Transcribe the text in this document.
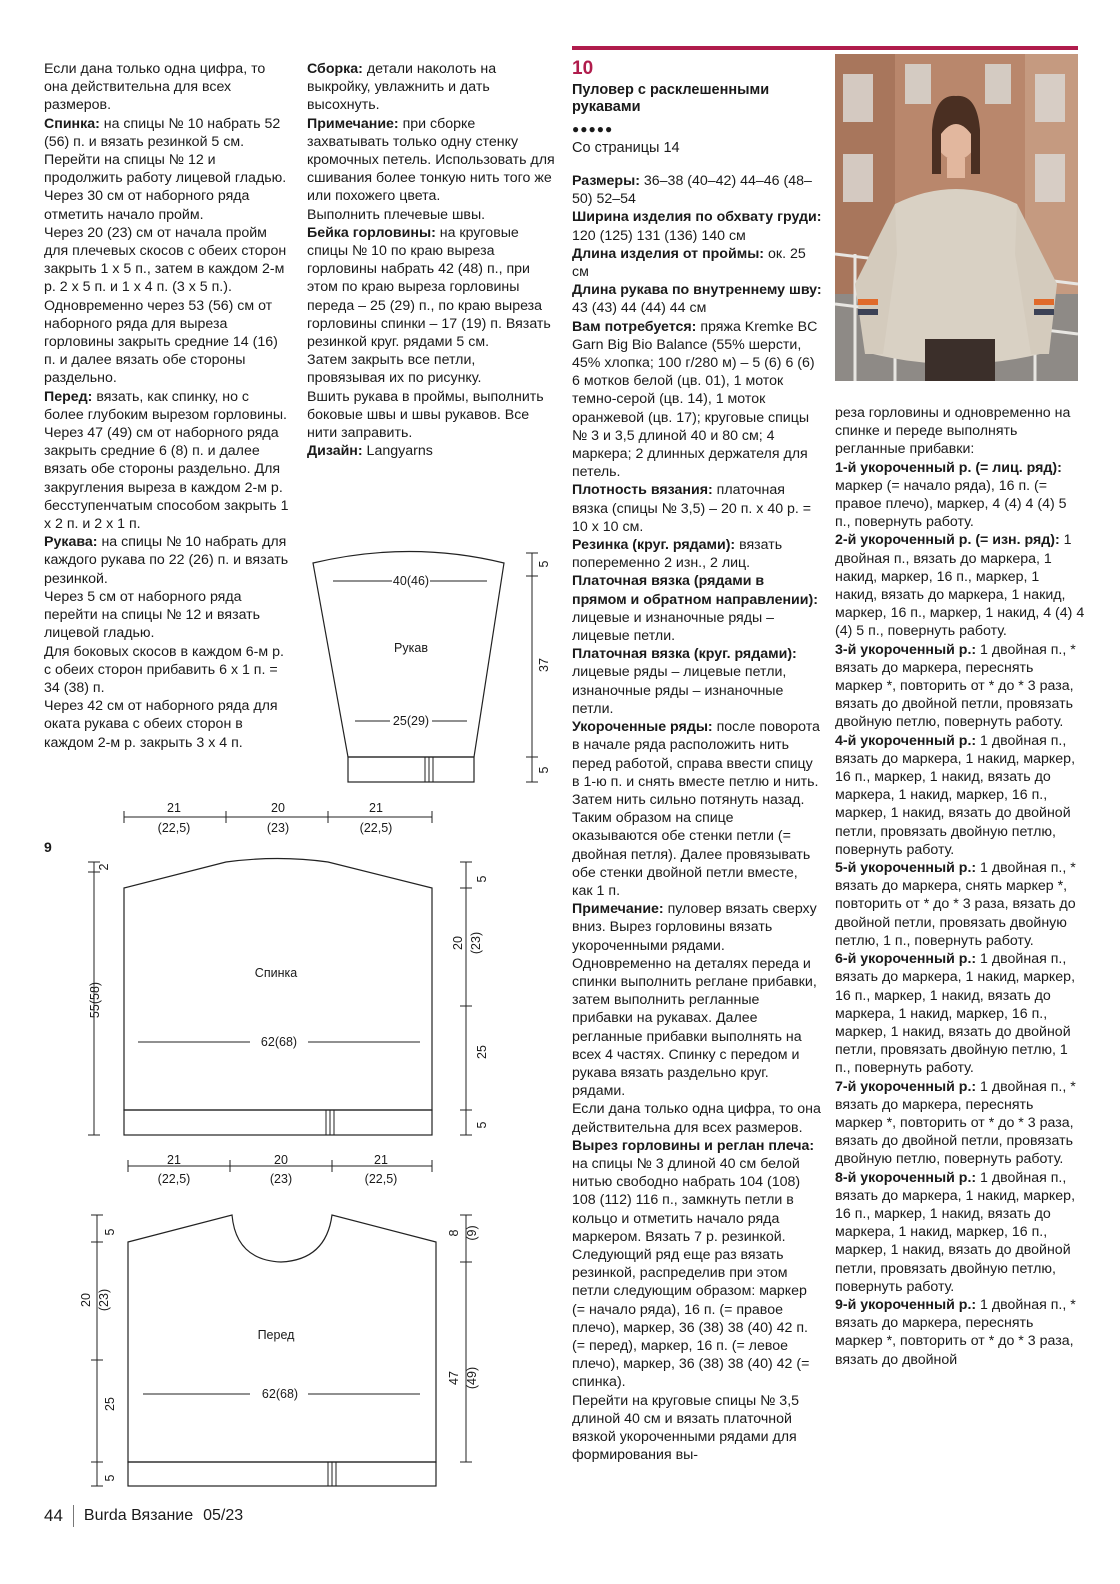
Если дана только одна цифра, то она действительна для всех размеров.

Спинка: на спицы № 10 набрать 52 (56) п. и вязать резинкой 5 см. Перейти на спицы № 12 и продолжить работу лицевой гладью.

Через 30 см от наборного ряда отметить начало пройм.

Через 20 (23) см от начала пройм для плечевых скосов с обеих сторон закрыть 1 х 5 п., затем в каждом 2-м р. 2 х 5 п. и 1 х 4 п. (3 х 5 п.).

Одновременно через 53 (56) см от наборного ряда для выреза горловины закрыть средние 14 (16) п. и далее вязать обе стороны раздельно.

Перед: вязать, как спинку, но с более глубоким вырезом горловины. Через 47 (49) см от наборного ряда закрыть средние 6 (8) п. и далее вязать обе стороны раздельно. Для закругления выреза в каждом 2-м р. бесступенчатым способом закрыть 1 х 2 п. и 2 х 1 п.

Рукава: на спицы № 10 набрать для каждого рукава по 22 (26) п. и вязать резинкой.

Через 5 см от наборного ряда перейти на спицы № 12 и вязать лицевой гладью.

Для боковых скосов в каждом 6-м р. с обеих сторон прибавить 6 х 1 п. = 34 (38) п.

Через 42 см от наборного ряда для оката рукава с обеих сторон в каждом 2-м р. закрыть 3 х 4 п.

Сборка: детали наколоть на выкройку, увлажнить и дать высохнуть.

Примечание: при сборке захватывать только одну стенку кромочных петель. Использовать для сшивания более тонкую нить того же или похожего цвета.

Выполнить плечевые швы.

Бейка горловины: на круговые спицы № 10 по краю выреза горловины набрать 42 (48) п., при этом по краю выреза горловины переда – 25 (29) п., по краю выреза горловины спинки – 17 (19) п. Вязать резинкой круг. рядами 5 см.

Затем закрыть все петли, провязывая их по рисунку.

Вшить рукава в проймы, выполнить боковые швы и швы рукавов. Все нити заправить.

Дизайн: Langyarns

10
Пуловер с расклешенными рукавами
●●●●●
Со страницы 14

Размеры: 36–38 (40–42) 44–46 (48–50) 52–54

Ширина изделия по обхвату груди: 120 (125) 131 (136) 140 см

Длина изделия от проймы: ок. 25 см

Длина рукава по внутреннему шву: 43 (43) 44 (44) 44 см

Вам потребуется: пряжа Kremke BC Garn Big Bio Balance (55% шерсти, 45% хлопка; 100 г/280 м) – 5 (6) 6 (6) 6 мотков белой (цв. 01), 1 моток темно-серой (цв. 14), 1 моток оранжевой (цв. 17); круговые спицы № 3 и 3,5 длиной 40 и 80 см; 4 маркера; 2 длинных держателя для петель.

Плотность вязания: платочная вязка (спицы № 3,5) – 20 п. х 40 р. = 10 х 10 см.

Резинка (круг. рядами): вязать попеременно 2 изн., 2 лиц.

Платочная вязка (рядами в прямом и обратном направлении): лицевые и изнаночные ряды – лицевые петли.

Платочная вязка (круг. рядами): лицевые ряды – лицевые петли, изнаночные ряды – изнаночные петли.

Укороченные ряды: после поворота в начале ряда расположить нить перед работой, справа ввести спицу в 1-ю п. и снять вместе петлю и нить. Затем нить сильно потянуть назад. Таким образом на спице оказываются обе стенки петли (= двойная петля). Далее провязывать обе стенки двойной петли вместе, как 1 п.

Примечание: пуловер вязать сверху вниз. Вырез горловины вязать укороченными рядами. Одновременно на деталях переда и спинки выполнить реглане прибавки, затем выполнить регланные прибавки на рукавах. Далее регланные прибавки выполнять на всех 4 частях. Спинку с передом и рукава вязать раздельно круг. рядами.

Если дана только одна цифра, то она действительна для всех размеров.

Вырез горловины и реглан плеча: на спицы № 3 длиной 40 см белой нитью свободно набрать 104 (108) 108 (112) 116 п., замкнуть петли в кольцо и отметить начало ряда маркером. Вязать 7 р. резинкой.

Следующий ряд еще раз вязать резинкой, распределив при этом петли следующим образом: маркер (= начало ряда), 16 п. (= правое плечо), маркер, 36 (38) 38 (40) 42 п. (= перед), маркер, 16 п. (= левое плечо), маркер, 36 (38) 38 (40) 42 (= спинка).

Перейти на круговые спицы № 3,5 длиной 40 см и вязать платочной вязкой укороченными рядами для формирования вы-

реза горловины и одновременно на спинке и переде выполнять регланные прибавки:

1-й укороченный р. (= лиц. ряд): маркер (= начало ряда), 16 п. (= правое плечо), маркер, 4 (4) 4 (4) 5 п., повернуть работу.

2-й укороченный р. (= изн. ряд): 1 двойная п., вязать до маркера, 1 накид, маркер, 16 п., маркер, 1 накид, вязать до маркера, 1 накид, маркер, 16 п., маркер, 1 накид, 4 (4) 4 (4) 5 п., повернуть работу.

3-й укороченный р.: 1 двойная п., * вязать до маркера, переснять маркер *, повторить от * до * 3 раза, вязать до двойной петли, провязать двойную петлю, повернуть работу.

4-й укороченный р.: 1 двойная п., вязать до маркера, 1 накид, маркер, 16 п., маркер, 1 накид, вязать до маркера, 1 накид, маркер, 16 п., маркер, 1 накид, вязать до двойной петли, провязать двойную петлю, повернуть работу.

5-й укороченный р.: 1 двойная п., * вязать до маркера, снять маркер *, повторить от * до * 3 раза, вязать до двойной петли, провязать двойную петлю, 1 п., повернуть работу.

6-й укороченный р.: 1 двойная п., вязать до маркера, 1 накид, маркер, 16 п., маркер, 1 накид, вязать до маркера, 1 накид, маркер, 16 п., маркер, 1 накид, вязать до двойной петли, провязать двойную петлю, 1 п., повернуть работу.

7-й укороченный р.: 1 двойная п., * вязать до маркера, переснять маркер *, повторить от * до * 3 раза, вязать до двойной петли, провязать двойную петлю, повернуть работу.

8-й укороченный р.: 1 двойная п., вязать до маркера, 1 накид, маркер, 16 п., маркер, 1 накид, вязать до маркера, 1 накид, маркер, 16 п., маркер, 1 накид, вязать до двойной петли, провязать двойную петлю, повернуть работу.

9-й укороченный р.: 1 двойная п., * вязать до маркера, переснять маркер *, повторить от * до * 3 раза, вязать до двойной

40(46)
Рукав
25(29)
5
37
5
9
21
(22,5)
20
(23)
21
(22,5)
Спинка
62(68)
2
55(58)
5
20 (23)
25
5
21
(22,5)
20
(23)
21
(22,5)
Перед
62(68)
5
20 (23)
25
5
8 (9)
47 (49)
44 Burda Вязание 05/23
